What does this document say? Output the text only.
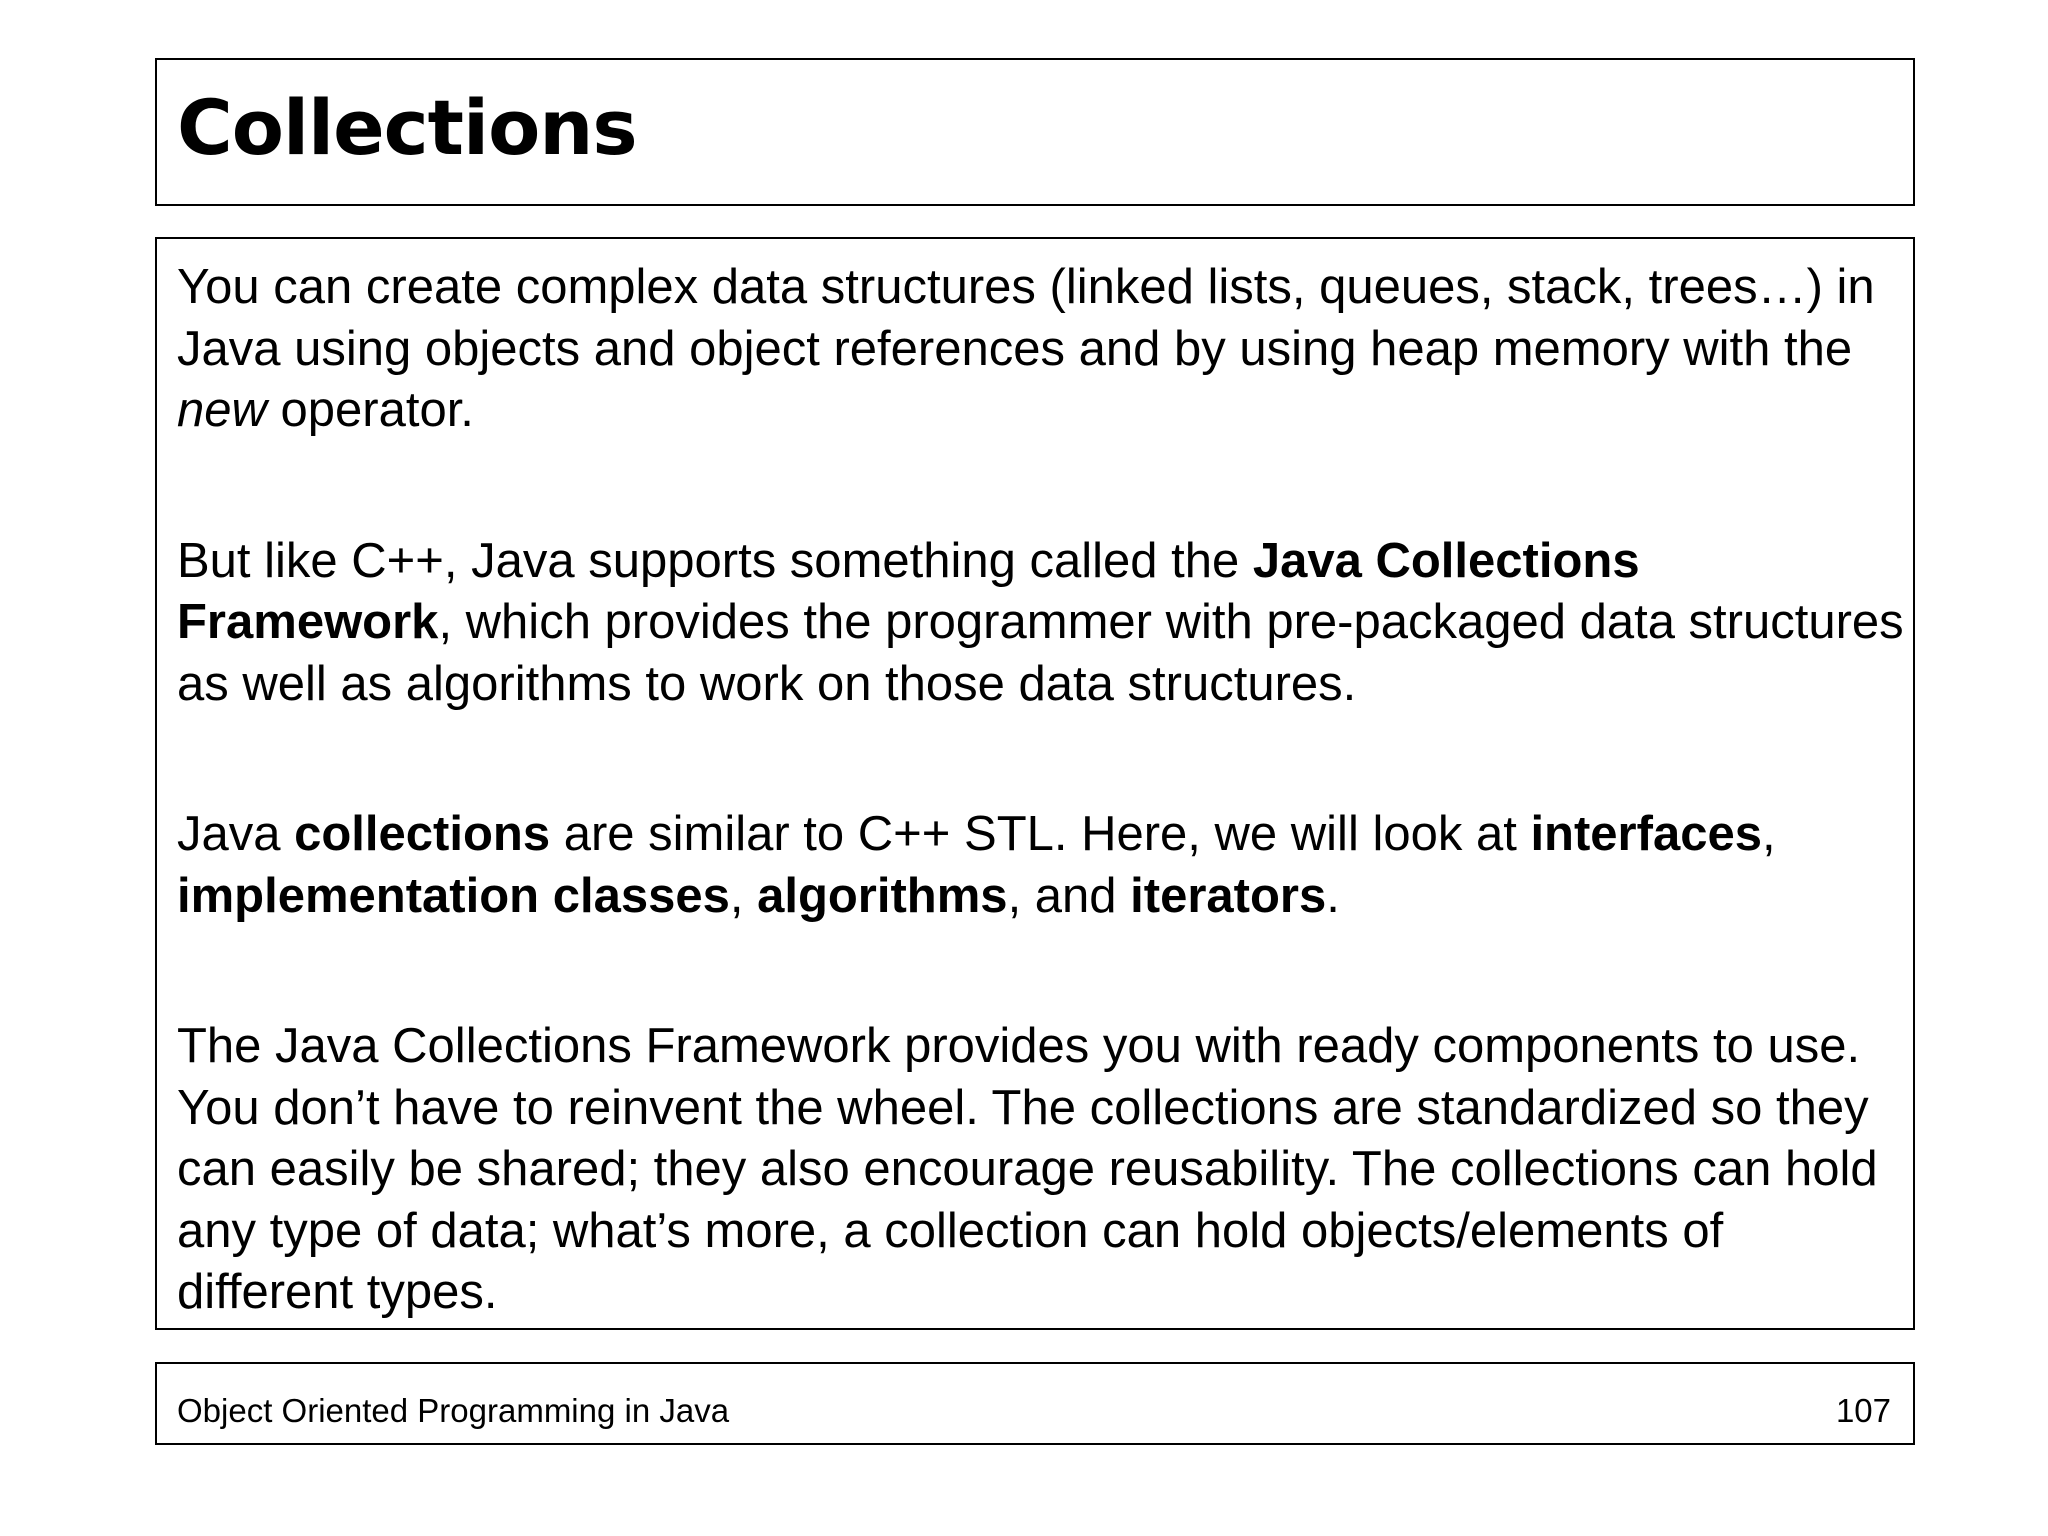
Collections

You can create complex data structures (linked lists, queues, stack, trees…) in Java using objects and object references and by using heap memory with the new operator.

But like C++, Java supports something called the Java Collections Framework, which provides the programmer with pre-packaged data structures as well as algorithms to work on those data structures.

Java collections are similar to C++ STL. Here, we will look at interfaces, implementation classes, algorithms, and iterators.

The Java Collections Framework provides you with ready components to use. You don’t have to reinvent the wheel. The collections are standardized so they can easily be shared; they also encourage reusability. The collections can hold any type of data; what’s more, a collection can hold objects/elements of different types.

Object Oriented Programming in Java	107
